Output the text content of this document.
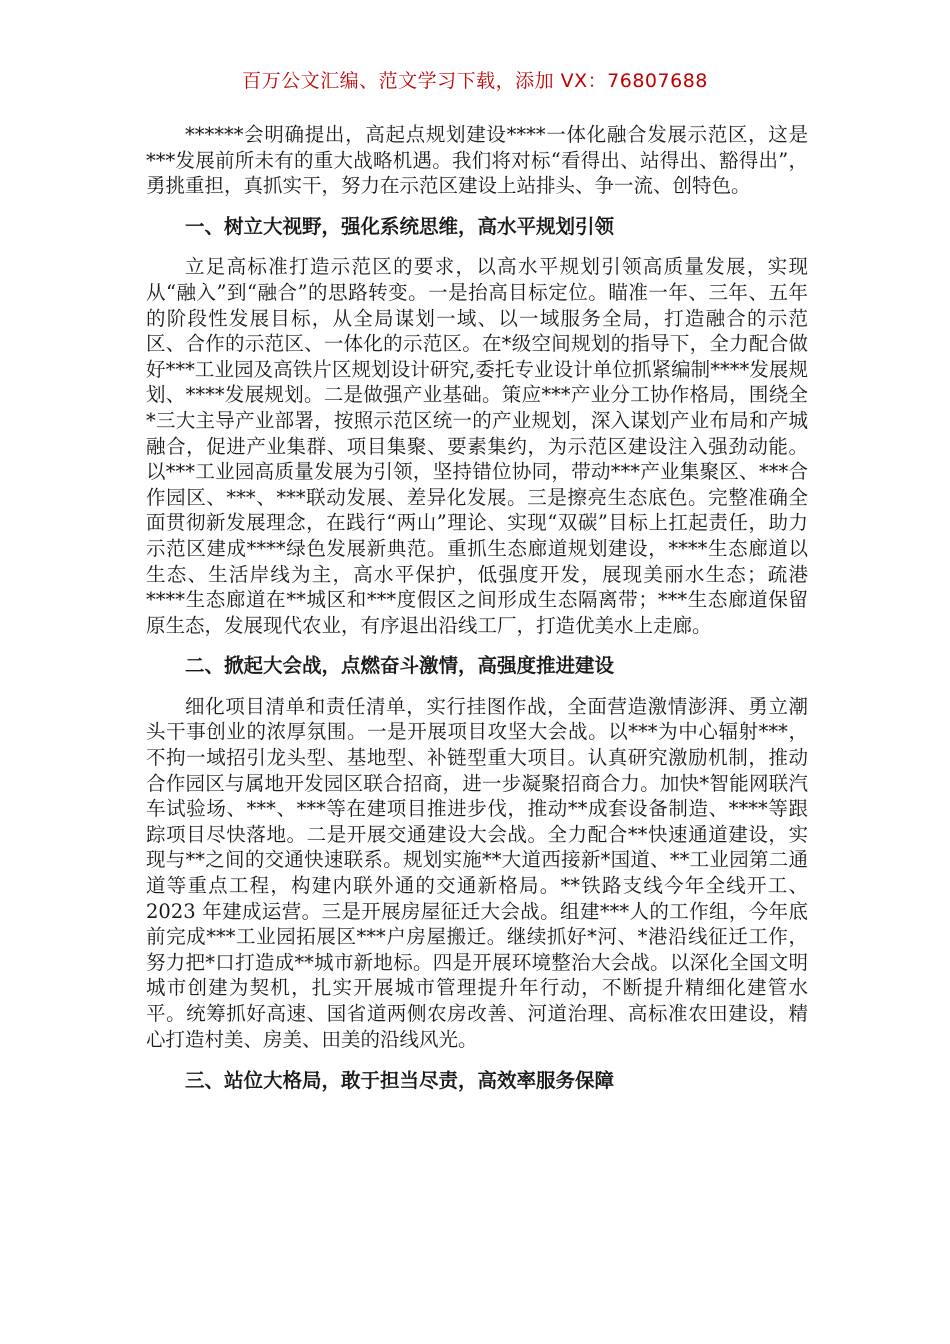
百万公文汇编、范文学习下载，添加 VX：76807688

******会明确提出，高起点规划建设****一体化融合发展示范区，这是***发展前所未有的重大战略机遇。我们将对标“看得出、站得出、豁得出”，勇挑重担，真抓实干，努力在示范区建设上站排头、争一流、创特色。

一、树立大视野，强化系统思维，高水平规划引领

立足高标准打造示范区的要求，以高水平规划引领高质量发展，实现从“融入”到“融合”的思路转变。一是抬高目标定位。瞄准一年、三年、五年的阶段性发展目标，从全局谋划一域、以一域服务全局，打造融合的示范区、合作的示范区、一体化的示范区。在*级空间规划的指导下，全力配合做好***工业园及高铁片区规划设计研究,委托专业设计单位抓紧编制****发展规划、****发展规划。二是做强产业基础。策应***产业分工协作格局，围绕全*三大主导产业部署，按照示范区统一的产业规划，深入谋划产业布局和产城融合，促进产业集群、项目集聚、要素集约，为示范区建设注入强劲动能。以***工业园高质量发展为引领，坚持错位协同，带动***产业集聚区、***合作园区、***、***联动发展、差异化发展。三是擦亮生态底色。完整准确全面贯彻新发展理念，在践行“两山”理论、实现“双碳”目标上扛起责任，助力示范区建成****绿色发展新典范。重抓生态廊道规划建设，****生态廊道以生态、生活岸线为主，高水平保护，低强度开发，展现美丽水生态；疏港****生态廊道在**城区和***度假区之间形成生态隔离带；***生态廊道保留原生态，发展现代农业，有序退出沿线工厂，打造优美水上走廊。

二、掀起大会战，点燃奋斗激情，高强度推进建设

细化项目清单和责任清单，实行挂图作战，全面营造激情澎湃、勇立潮头干事创业的浓厚氛围。一是开展项目攻坚大会战。以***为中心辐射***，不拘一域招引龙头型、基地型、补链型重大项目。认真研究激励机制，推动合作园区与属地开发园区联合招商，进一步凝聚招商合力。加快*智能网联汽车试验场、***、***等在建项目推进步伐，推动**成套设备制造、****等跟踪项目尽快落地。二是开展交通建设大会战。全力配合**快速通道建设，实现与**之间的交通快速联系。规划实施**大道西接新*国道、**工业园第二通道等重点工程，构建内联外通的交通新格局。**铁路支线今年全线开工、2023 年建成运营。三是开展房屋征迁大会战。组建***人的工作组，今年底前完成***工业园拓展区***户房屋搬迁。继续抓好*河、*港沿线征迁工作，努力把*口打造成**城市新地标。四是开展环境整治大会战。以深化全国文明城市创建为契机，扎实开展城市管理提升年行动，不断提升精细化建管水平。统筹抓好高速、国省道两侧农房改善、河道治理、高标准农田建设，精心打造村美、房美、田美的沿线风光。

三、站位大格局，敢于担当尽责，高效率服务保障
